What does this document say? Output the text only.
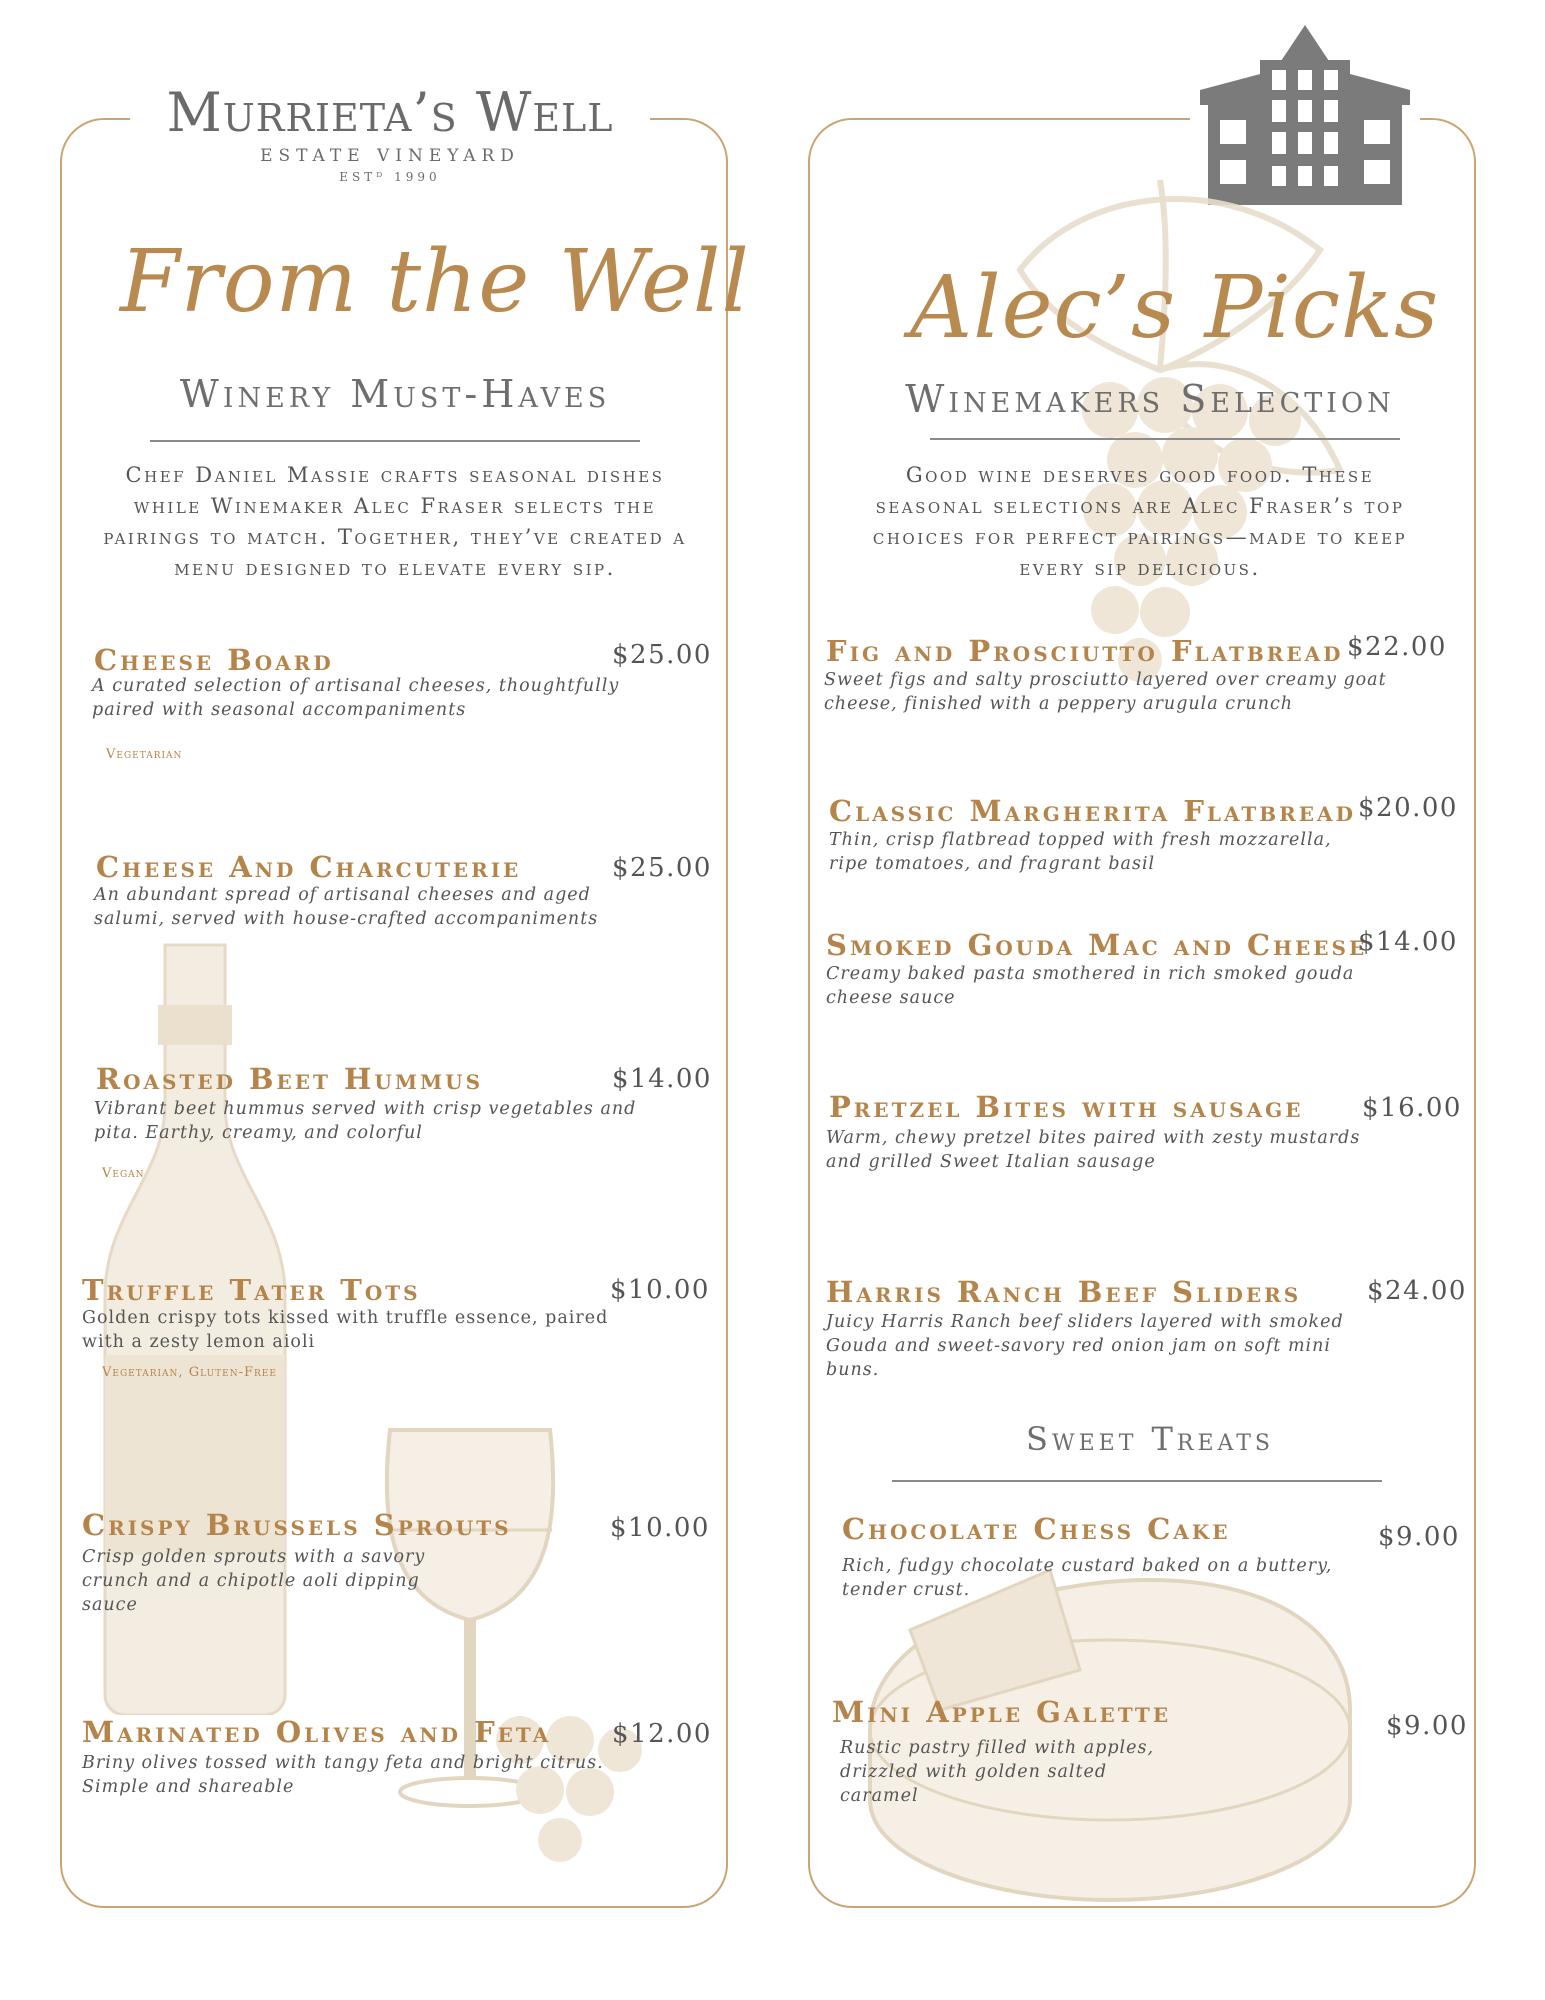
Murrieta’s Well
ESTATE VINEYARD
ESTᴰ 1990
From the Well
Winery Must-Haves
Chef Daniel Massie crafts seasonal dishes while Winemaker Alec Fraser selects the pairings to match. Together, they’ve created a menu designed to elevate every sip.
Cheese Board	$25.00
A curated selection of artisanal cheeses, thoughtfully paired with seasonal accompaniments
Vegetarian
Cheese And Charcuterie	$25.00
An abundant spread of artisanal cheeses and aged salumi, served with house-crafted accompaniments
Roasted Beet Hummus	$14.00
Vibrant beet hummus served with crisp vegetables and pita. Earthy, creamy, and colorful
Vegan
Truffle Tater Tots	$10.00
Golden crispy tots kissed with truffle essence, paired with a zesty lemon aioli
Vegetarian, Gluten-Free
Crispy Brussels Sprouts	$10.00
Crisp golden sprouts with a savory crunch and a chipotle aoli dipping sauce
Marinated Olives and Feta $12.00
Briny olives tossed with tangy feta and bright citrus. Simple and shareable
Alec’s Picks
Winemakers Selection
Good wine deserves good food. These seasonal selections are Alec Fraser’s top choices for perfect pairings—made to keep every sip delicious.
Fig and Prosciutto Flatbread $22.00
Sweet figs and salty prosciutto layered over creamy goat cheese, finished with a peppery arugula crunch
Classic Margherita Flatbread $20.00
Thin, crisp flatbread topped with fresh mozzarella, ripe tomatoes, and fragrant basil
Smoked Gouda Mac and Cheese
$14.00
Creamy baked pasta smothered in rich smoked gouda cheese sauce
Pretzel Bites with sausage $16.00
Warm, chewy pretzel bites paired with zesty mustards and grilled Sweet Italian sausage
Harris Ranch Beef Sliders	$24.00
Juicy Harris Ranch beef sliders layered with smoked Gouda and sweet-savory red onion jam on soft mini buns.
Sweet Treats
Chocolate Chess Cake	$9.00
Rich, fudgy chocolate custard baked on a buttery, tender crust.
Mini Apple Galette	$9.00
Rustic pastry filled with apples, drizzled with golden salted caramel
